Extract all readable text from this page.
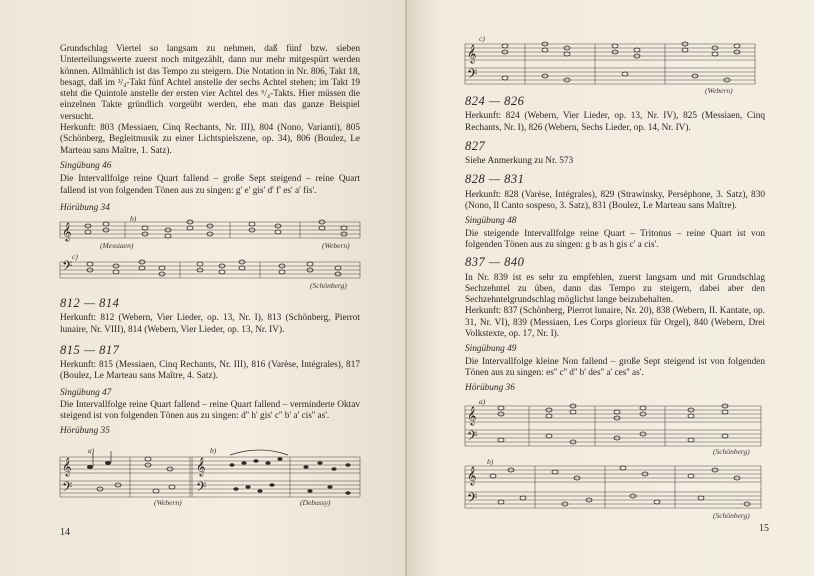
Grundschlag Viertel so langsam zu nehmen, daß fünf bzw. sieben Unterteilungswerte zuerst noch mitgezählt, dann nur mehr mitgespürt werden können. Allmählich ist das Tempo zu steigern. Die Notation in Nr. 806, Takt 18, besagt, daß im ³/₄-Takt fünf Achtel anstelle der sechs Achtel stehen; im Takt 19 steht die Quintole anstelle der ersten vier Achtel des ⁵/₄-Takts. Hier müssen die einzelnen Takte gründlich vorgeübt werden, ehe man das ganze Beispiel versucht.

Herkunft: 803 (Messiaen, Cinq Rechants, Nr. III), 804 (Nono, Varianti), 805 (Schönberg, Begleitmusik zu einer Lichtspielszene, op. 34), 806 (Boulez, Le Marteau sans Maître, 1. Satz).

Singübung 46

Die Intervallfolge reine Quart fallend – große Sept steigend – reine Quart fallend ist von folgenden Tönen aus zu singen: g' e' gis' d' f' es' a' fis'.

Hörübung 34

𝄞
𝄢
(Messiaen)
b)
(Webern)
c)
(Schönberg)

812 — 814

Herkunft: 812 (Webern, Vier Lieder, op. 13, Nr. I), 813 (Schönberg, Pierrot lunaire, Nr. VIII), 814 (Webern, Vier Lieder, op. 13, Nr. IV).

815 — 817

Herkunft: 815 (Messiaen, Cinq Rechants, Nr. III), 816 (Varèse, Intégrales), 817 (Boulez, Le Marteau sans Maître, 4. Satz).

Singübung 47

Die Intervallfolge reine Quart fallend – reine Quart fallend – verminderte Oktav steigend ist von folgenden Tönen aus zu singen: d'' h' gis' c'' b' a' cis'' as'.

Hörübung 35

𝄞
𝄢
𝄞
𝄢
a)	b)
(Webern)	(Debussy)
14
𝄞
𝄢
c)
(Webern)

824 — 826

Herkunft: 824 (Webern, Vier Lieder, op. 13, Nr. IV), 825 (Messiaen, Cinq Rechants, Nr. I), 826 (Webern, Sechs Lieder, op. 14, Nr. IV).

827

Siehe Anmerkung zu Nr. 573

828 — 831

Herkunft: 828 (Varèse, Intégrales), 829 (Strawinsky, Perséphone, 3. Satz), 830 (Nono, Il Canto sospeso, 3. Satz), 831 (Boulez, Le Marteau sans Maître).

Singübung 48

Die steigende Intervallfolge reine Quart – Tritonus – reine Quart ist von folgenden Tönen aus zu singen: g b as h gis c' a cis'.

837 — 840

In Nr. 839 ist es sehr zu empfehlen, zuerst langsam und mit Grundschlag Sechzehntel zu üben, dann das Tempo zu steigern, dabei aber den Sechzehntelgrundschlag möglichst lange beizubehalten.

Herkunft: 837 (Schönberg, Pierrot lunaire, Nr. 20), 838 (Webern, II. Kantate, op. 31, Nr. VI), 839 (Messiaen, Les Corps glorieux für Orgel), 840 (Webern, Drei Volkstexte, op. 17, Nr. I).

Singübung 49

Die Intervallfolge kleine Non fallend – große Sept steigend ist von folgenden Tönen aus zu singen: es'' c'' d'' b' des'' a' ces'' as'.

Hörübung 36

𝄞
𝄢
a)
(Schönberg)
𝄞
𝄢
b)
(Schönberg)
15
